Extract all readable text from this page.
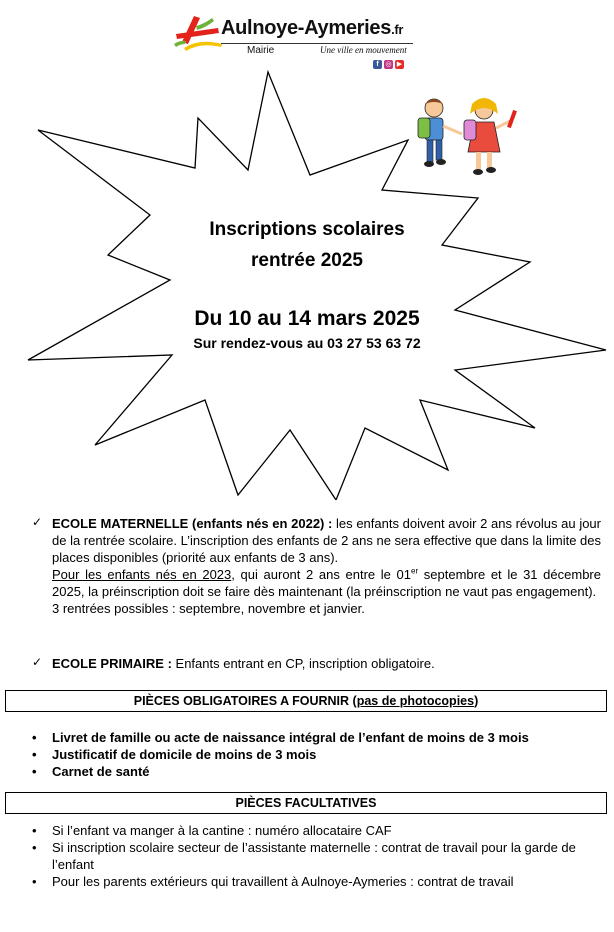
Aulnoye-Aymeries.fr
Mairie	Une ville en mouvement
f ◎ ▶
Inscriptions scolaires
rentrée 2025
Du 10 au 14 mars 2025
Sur rendez-vous au 03 27 53 63 72
✓ ECOLE MATERNELLE (enfants nés en 2022) : les enfants doivent avoir 2 ans révolus au jour de la rentrée scolaire. L’inscription des enfants de 2 ans ne sera effective que dans la limite des places disponibles (priorité aux enfants de 3 ans).
Pour les enfants nés en 2023, qui auront 2 ans entre le 01er septembre et le 31 décembre 2025, la préinscription doit se faire dès maintenant (la préinscription ne vaut pas engagement).
3 rentrées possibles : septembre, novembre et janvier.
✓ ECOLE PRIMAIRE : Enfants entrant en CP, inscription obligatoire.
PIÈCES OBLIGATOIRES A FOURNIR (pas de photocopies)
• Livret de famille ou acte de naissance intégral de l’enfant de moins de 3 mois
• Justificatif de domicile de moins de 3 mois
• Carnet de santé
PIÈCES FACULTATIVES
• Si l’enfant va manger à la cantine : numéro allocataire CAF
• Si inscription scolaire secteur de l’assistante maternelle : contrat de travail pour la garde de l’enfant
• Pour les parents extérieurs qui travaillent à Aulnoye-Aymeries : contrat de travail
